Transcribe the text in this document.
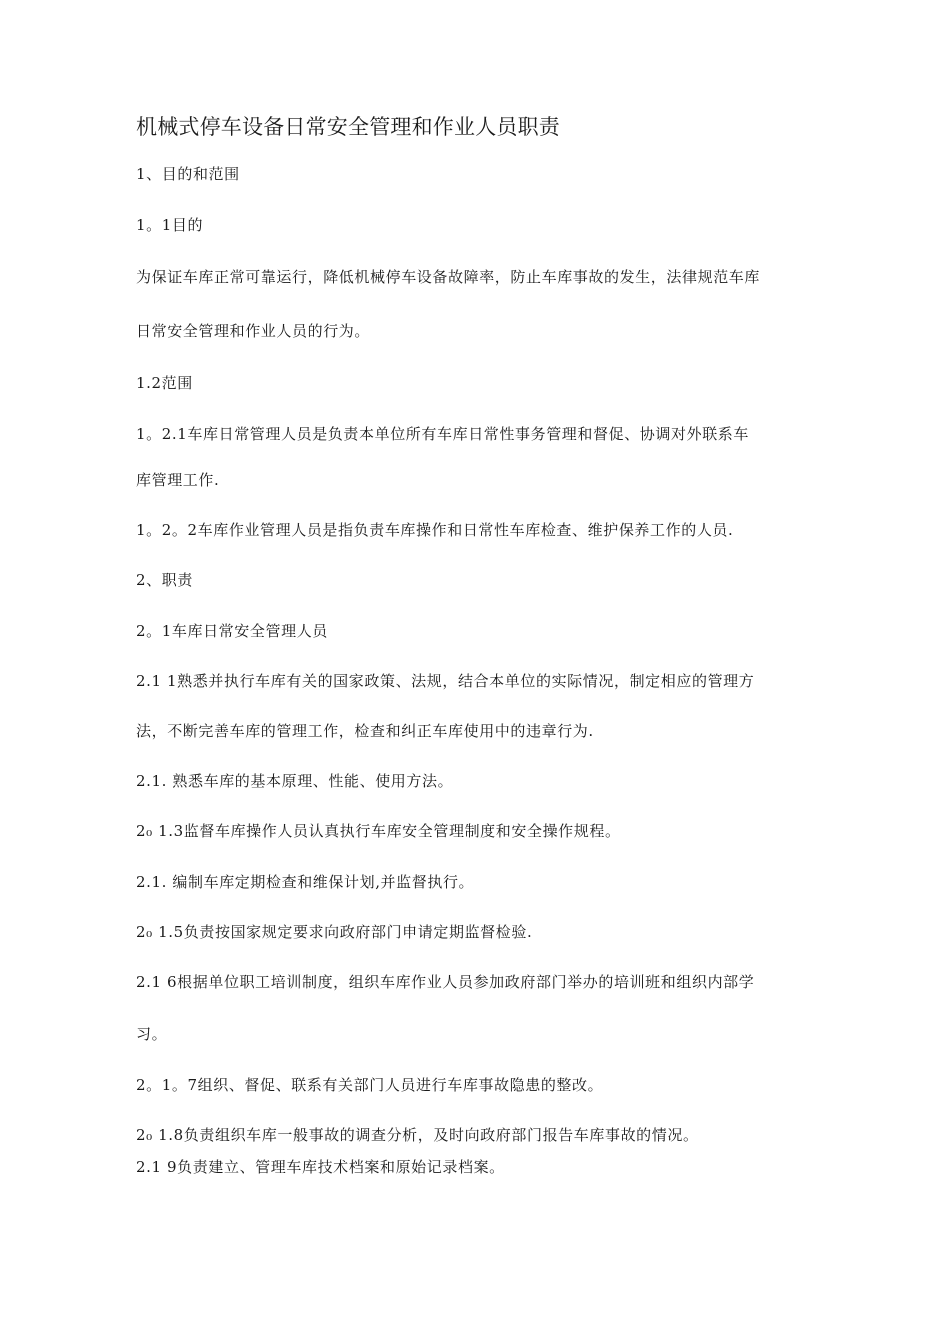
机械式停车设备日常安全管理和作业人员职责
1、目的和范围
1。1目的
为保证车库正常可靠运行，降低机械停车设备故障率，防止车库事故的发生，法律规范车库
日常安全管理和作业人员的行为。
1.2范围
1。2.1车库日常管理人员是负责本单位所有车库日常性事务管理和督促、协调对外联系车
库管理工作.
1。2。2车库作业管理人员是指负责车库操作和日常性车库检查、维护保养工作的人员.
2、职责
2。1车库日常安全管理人员
2.1 1熟悉并执行车库有关的国家政策、法规，结合本单位的实际情况，制定相应的管理方
法，不断完善车库的管理工作，检查和纠正车库使用中的违章行为.
2.1. 熟悉车库的基本原理、性能、使用方法。
2₀ 1.3监督车库操作人员认真执行车库安全管理制度和安全操作规程。
2.1. 编制车库定期检查和维保计划,并监督执行。
2₀ 1.5负责按国家规定要求向政府部门申请定期监督检验.
2.1 6根据单位职工培训制度，组织车库作业人员参加政府部门举办的培训班和组织内部学
习。
2。1。7组织、督促、联系有关部门人员进行车库事故隐患的整改。
2₀ 1.8负责组织车库一般事故的调查分析，及时向政府部门报告车库事故的情况。
2.1 9负责建立、管理车库技术档案和原始记录档案。
